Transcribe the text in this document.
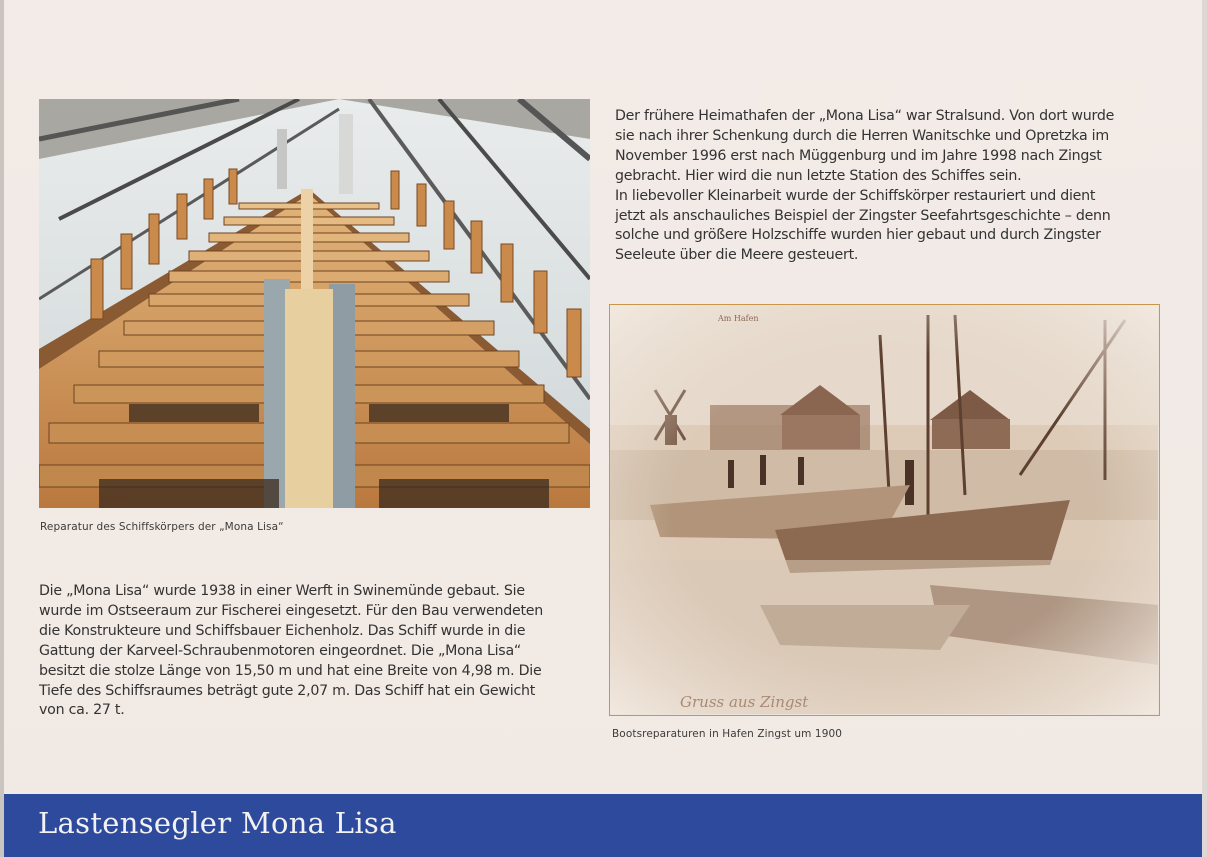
Reparatur des Schiffskörpers der „Mona Lisa“
Die „Mona Lisa“ wurde 1938 in einer Werft in Swinemünde gebaut. Sie
wurde im Ostseeraum zur Fischerei eingesetzt. Für den Bau verwendeten
die Konstrukteure und Schiffsbauer Eichenholz. Das Schiff wurde in die
Gattung der Karveel-Schraubenmotoren eingeordnet. Die „Mona Lisa“
besitzt die stolze Länge von 15,50 m und hat eine Breite von 4,98 m. Die
Tiefe des Schiffsraumes beträgt gute 2,07 m. Das Schiff hat ein Gewicht
von ca. 27 t.
Der frühere Heimathafen der „Mona Lisa“ war Stralsund. Von dort wurde
sie nach ihrer Schenkung durch die Herren Wanitschke und Opretzka im
November 1996 erst nach Müggenburg und im Jahre 1998 nach Zingst
gebracht. Hier wird die nun letzte Station des Schiffes sein.
In liebevoller Kleinarbeit wurde der Schiffskörper restauriert und dient
jetzt als anschauliches Beispiel der Zingster Seefahrtsgeschichte – denn
solche und größere Holzschiffe wurden hier gebaut und durch Zingster
Seeleute über die Meere gesteuert.
Am Hafen
Gruss aus Zingst
Bootsreparaturen in Hafen Zingst um 1900
Lastensegler Mona Lisa
